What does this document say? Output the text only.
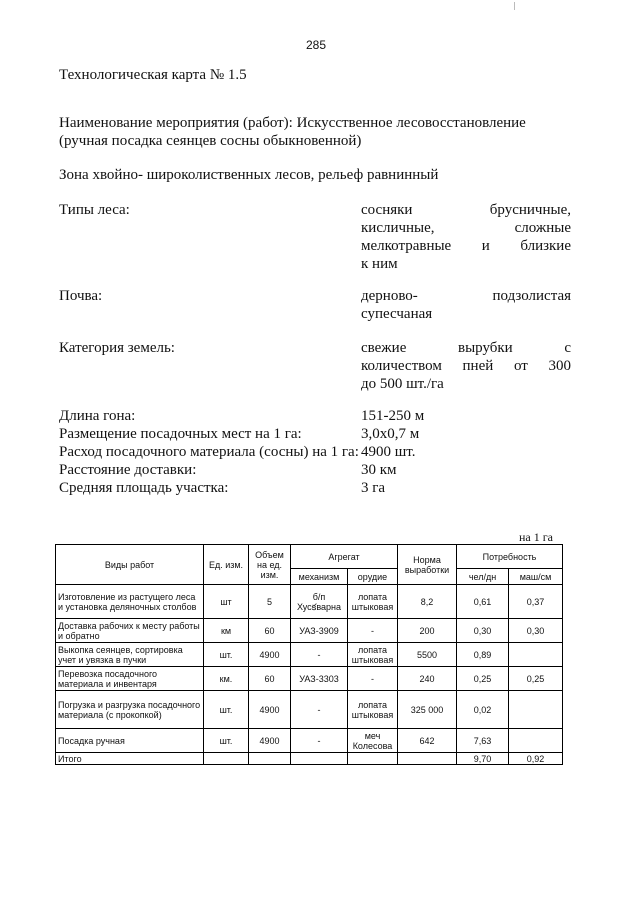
285
Технологическая карта № 1.5
Наименование мероприятия (работ): Искусственное лесовосстановление
(ручная посадка сеянцев сосны обыкновенной)
Зона хвойно- широколиственных лесов, рельеф равнинный
Типы леса:	сосняки брусничные,
кисличные, сложные
мелкотравные и близкие
к ним
Почва:	дерново- подзолистая
супесчаная
Категория земель:	свежие вырубки с
количеством пней от 300
до 500 шт./га
Длина гона:	151-250 м
Размещение посадочных мест на 1 га:	3,0х0,7 м
Расход посадочного материала (сосны) на 1 га: 4900 шт.
Расстояние доставки:	30 км
Средняя площадь участка:	3 га
на 1 га
Виды работ	Ед. изм.	Объем на ед. изм.	Агрегат		Норма выработки	Потребность	
			механизм	орудие		чел/дн	маш/см
Изготовление из растущего леса и установка деляночных столбов	шт	5	б/п Хусకварна	лопата штыковая	8,2	0,61	0,37
Доставка рабочих к месту работы и обратно	км	60	УАЗ-3909	-	200	0,30	0,30
Выкопка сеянцев, сортировка учет и увязка в пучки	шт.	4900	-	лопата штыковая	5500	0,89	
Перевозка посадочного материала и инвентаря	км.	60	УАЗ-3303	-	240	0,25	0,25
Погрузка и разгрузка посадочного материала (с прокопкой)	шт.	4900	-	лопата штыковая	325 000	0,02	
Посадка ручная	шт.	4900	-	меч Колесова	642	7,63	
Итого						9,70	0,92
